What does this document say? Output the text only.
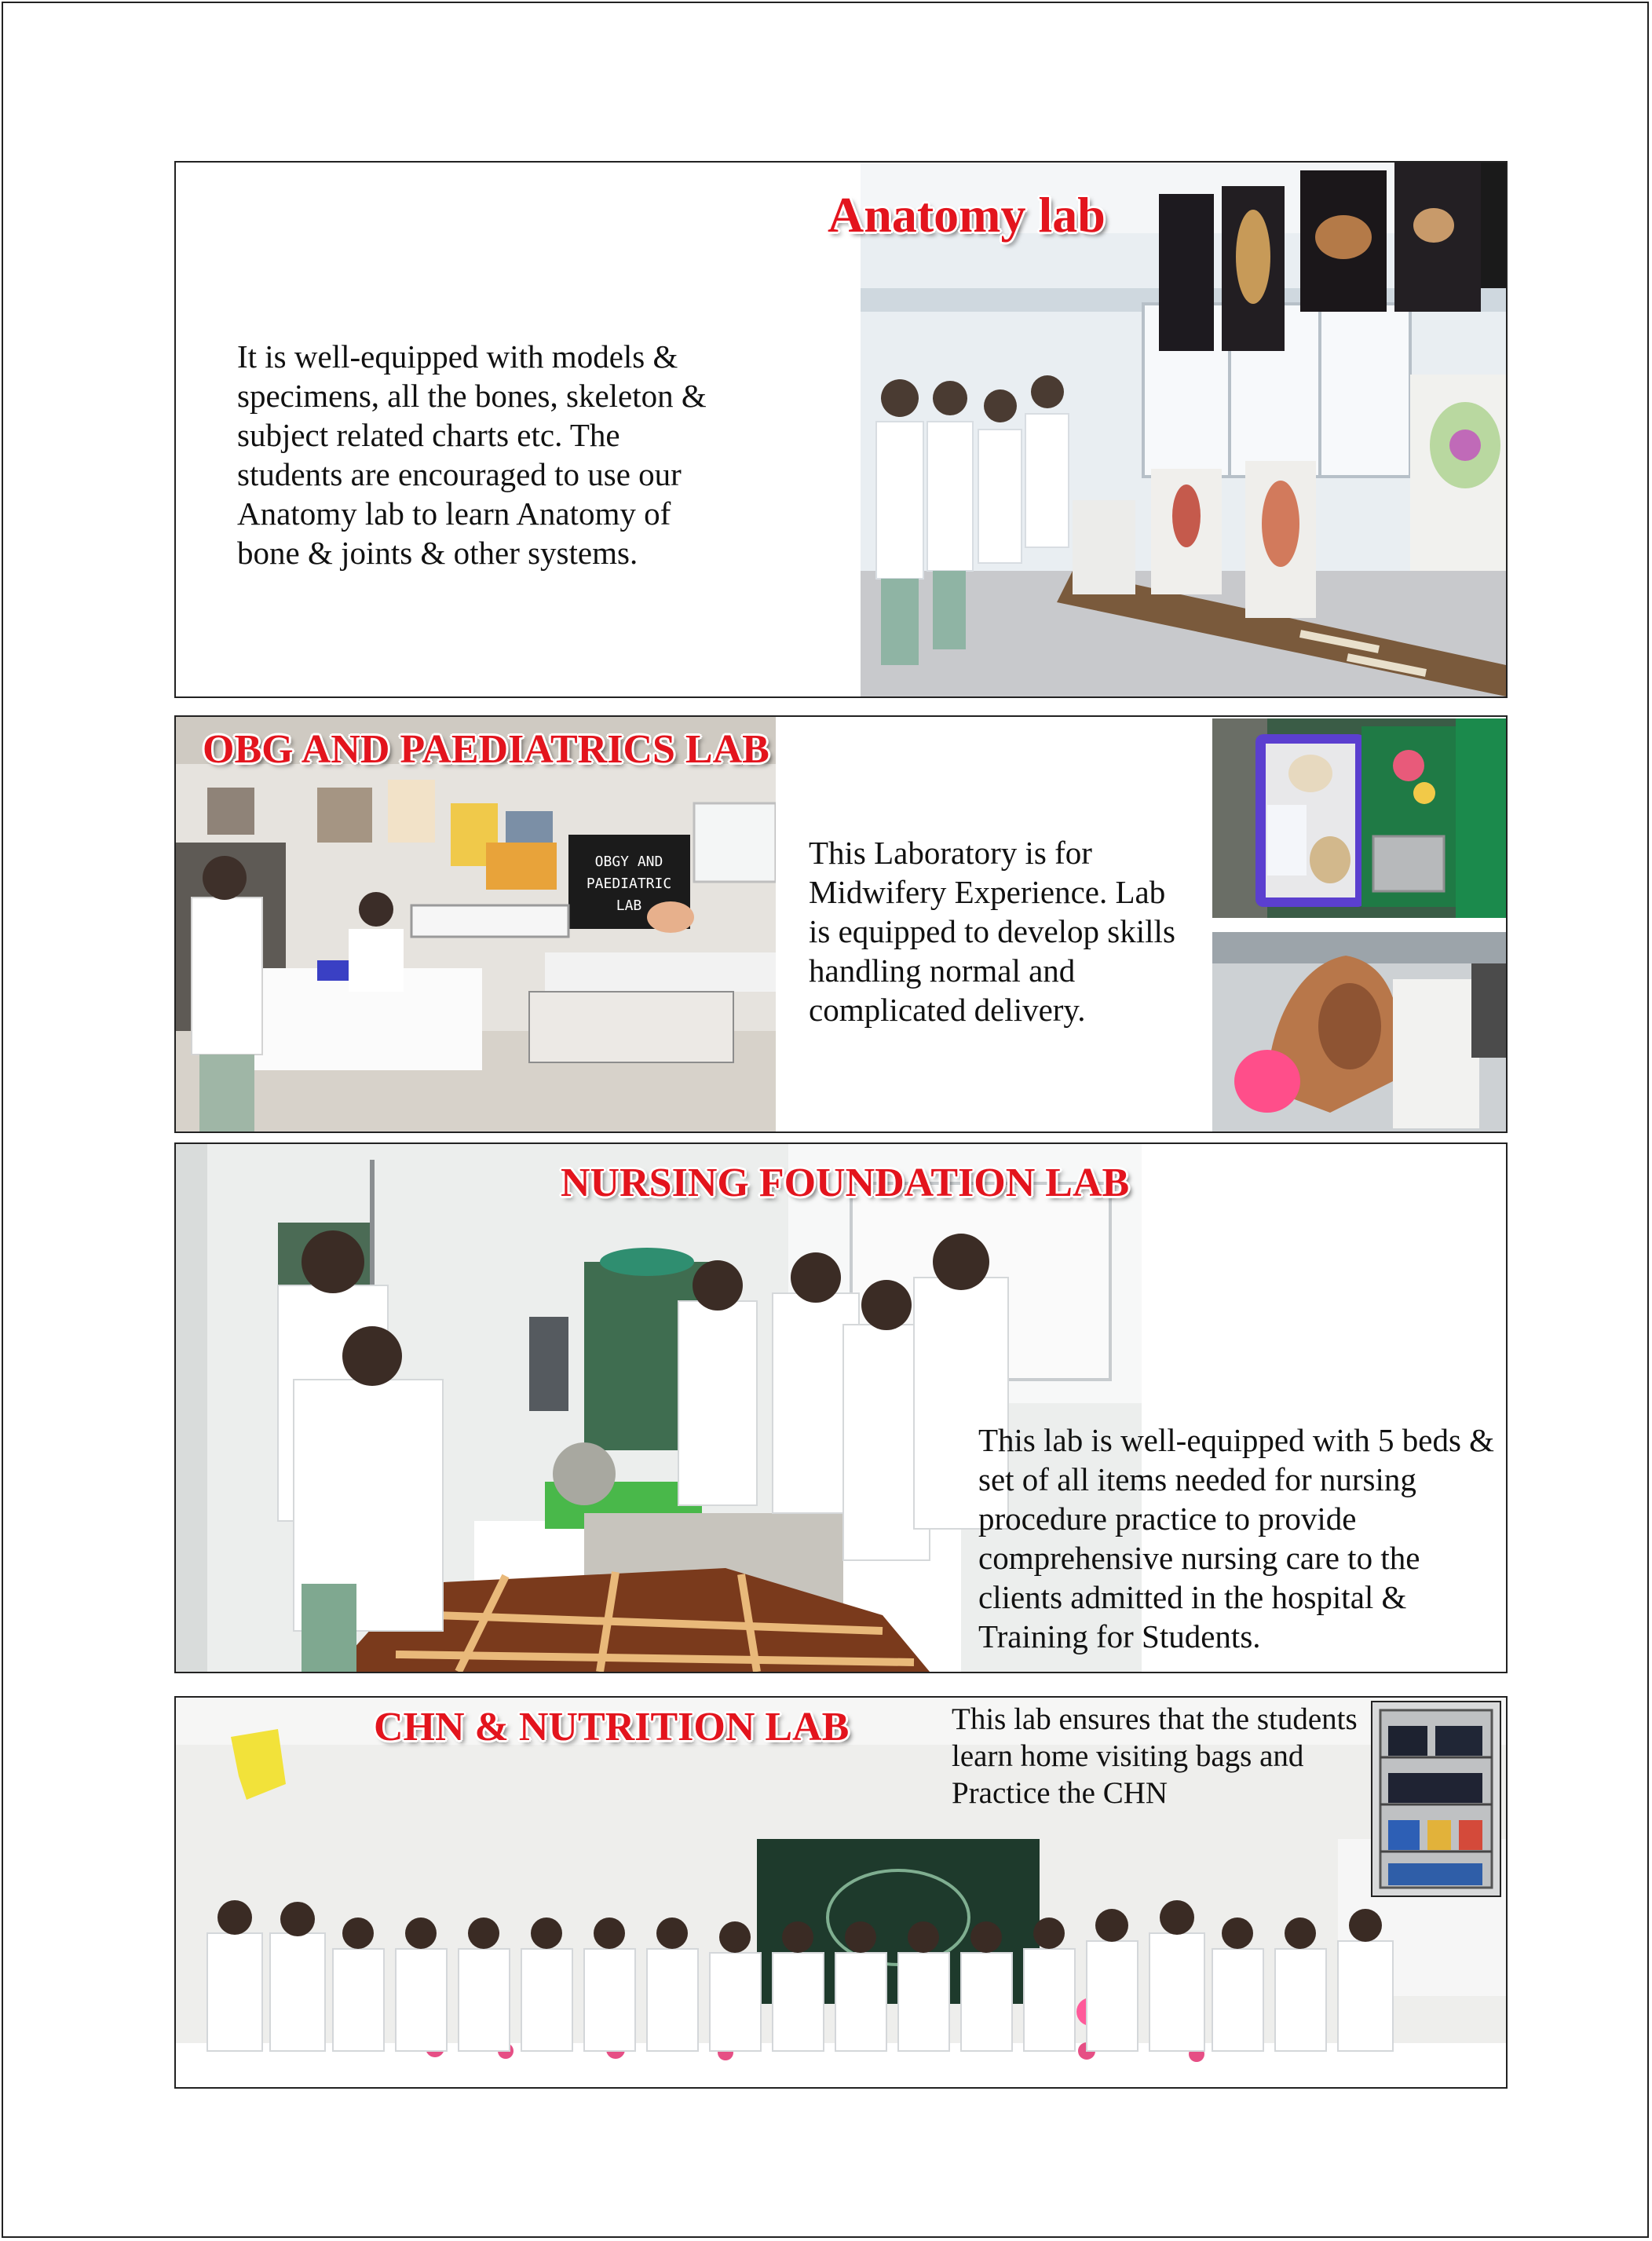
It is well-equipped with models & specimens, all the bones, skeleton & subject related charts etc. The students are encouraged to use our Anatomy lab to learn Anatomy of bone & joints & other systems.
Anatomy lab
OBGY AND
PAEDIATRIC
LAB
This Laboratory is for Midwifery Experience. Lab is equipped to develop skills handling normal and complicated delivery.
OBG AND PAEDIATRICS LAB
This lab is well-equipped with 5 beds & set of all items needed for nursing procedure practice to provide comprehensive nursing care to the clients admitted in the hospital & Training for Students.
NURSING FOUNDATION LAB
CHN & NUTRITION LAB	This lab ensures that the students learn home visiting bags and Practice the CHN
